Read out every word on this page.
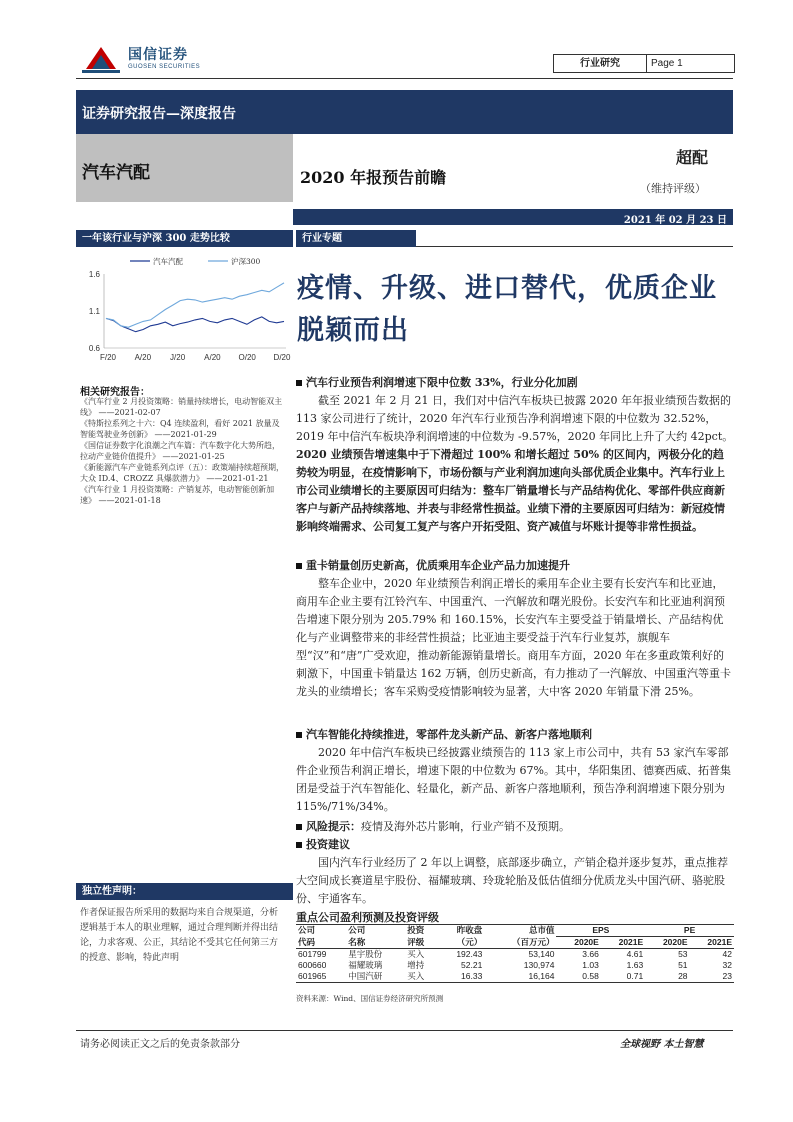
国信证券
GUOSEN SECURITIES	行业研究	Page 1
证券研究报告—深度报告
汽车汽配	2020 年报预告前瞻
超配
（维持评级）
2021 年 02 月 23 日
一年该行业与沪深 300 走势比较
1.6
1.1
0.6
F/20 A/20 J/20 A/20 O/20 D/20
汽车汽配	沪深300
行业专题
疫情、升级、进口替代，优质企业脱颖而出
相关研究报告：
《汽车行业 2 月投资策略：销量持续增长，电动智能双主线》 ——2021-02-07
《特斯拉系列之十六：Q4 连续盈利，看好 2021 放量及智能驾驶业务创新》 ——2021-01-29
《国信证券数字化浪潮之汽车篇：汽车数字化大势所趋，拉动产业链价值提升》 ——2021-01-25
《新能源汽车产业链系列点评（五）：政策端持续超预期，大众 ID.4、CROZZ 具爆款潜力》 ——2021-01-21
《汽车行业 1 月投资策略：产销复苏，电动智能创新加速》 ——2021-01-18
汽车行业预告利润增速下限中位数 33%，行业分化加剧
截至 2021 年 2 月 21 日，我们对中信汽车板块已披露 2020 年年报业绩预告数据的 113 家公司进行了统计，2020 年汽车行业预告净利润增速下限的中位数为 32.52%，2019 年中信汽车板块净利润增速的中位数为 -9.57%，2020 年同比上升了大约 42pct。2020 业绩预告增速集中于下滑超过 100% 和增长超过 50% 的区间内，两极分化的趋势较为明显，在疫情影响下，市场份额与产业利润加速向头部优质企业集中。汽车行业上市公司业绩增长的主要原因可归结为：整车厂销量增长与产品结构优化、零部件供应商新客户与新产品持续落地、并表与非经常性损益。业绩下滑的主要原因可归结为：新冠疫情影响终端需求、公司复工复产与客户开拓受阻、资产减值与坏账计提等非常性损益。
重卡销量创历史新高，优质乘用车企业产品力加速提升
整车企业中，2020 年业绩预告利润正增长的乘用车企业主要有长安汽车和比亚迪，商用车企业主要有江铃汽车、中国重汽、一汽解放和曙光股份。长安汽车和比亚迪利润预告增速下限分别为 205.79% 和 160.15%，长安汽车主要受益于销量增长、产品结构优化与产业调整带来的非经营性损益；比亚迪主要受益于汽车行业复苏，旗舰车型“汉”和“唐”广受欢迎，推动新能源销量增长。商用车方面，2020 年在多重政策利好的刺激下，中国重卡销量达 162 万辆，创历史新高，有力推动了一汽解放、中国重汽等重卡龙头的业绩增长；客车采购受疫情影响较为显著，大中客 2020 年销量下滑 25%。
汽车智能化持续推进，零部件龙头新产品、新客户落地顺利
2020 年中信汽车板块已经披露业绩预告的 113 家上市公司中，共有 53 家汽车零部件企业预告利润正增长，增速下限的中位数为 67%。其中，华阳集团、德赛西威、拓普集团是受益于汽车智能化、轻量化，新产品、新客户落地顺利，预告净利润增速下限分别为 115%/71%/34%。
风险提示：疫情及海外芯片影响，行业产销不及预期。
投资建议
国内汽车行业经历了 2 年以上调整，底部逐步确立，产销企稳并逐步复苏，重点推荐大空间成长赛道星宇股份、福耀玻璃、玲珑轮胎及低估值细分优质龙头中国汽研、骆驼股份、宇通客车。
独立性声明：
作者保证报告所采用的数据均来自合规渠道，分析逻辑基于本人的职业理解，通过合理判断并得出结论，力求客观、公正，其结论不受其它任何第三方的授意、影响，特此声明
重点公司盈利预测及投资评级
公司	公司	投资	昨收盘	总市值	EPS		PE	
代码	名称	评级	（元）	（百万元）	2020E	2021E	2020E	2021E
601799	星宇股份	买入	192.43	53,140	3.66	4.61	53	42
600660	福耀玻璃	增持	52.21	130,974	1.03	1.63	51	32
601965	中国汽研	买入	16.33	16,164	0.58	0.71	28	23
资料来源：Wind、国信证券经济研究所预测
请务必阅读正文之后的免责条款部分	全球视野 本土智慧
